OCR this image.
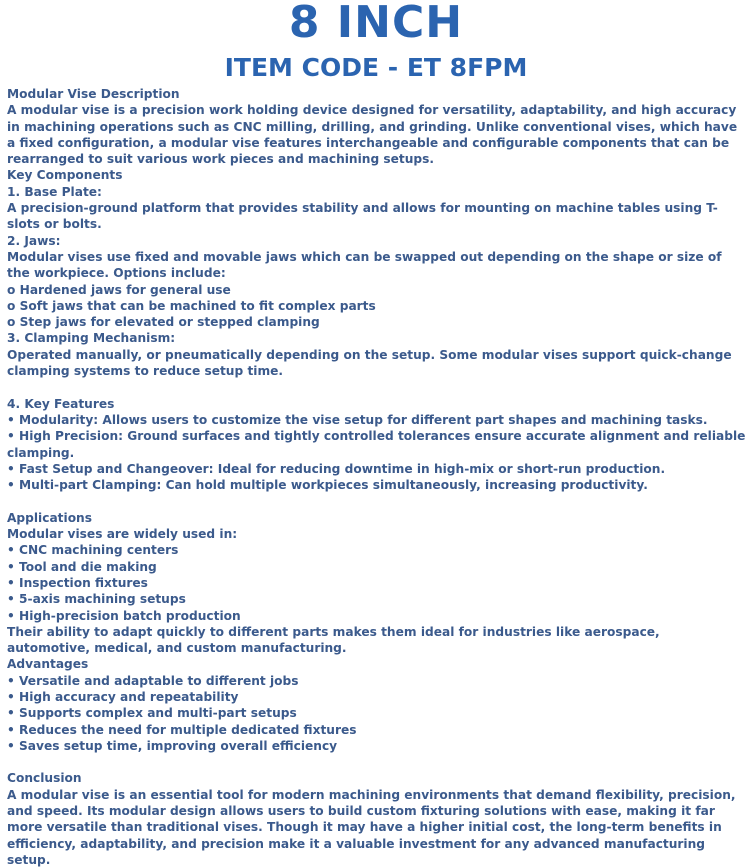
8 INCH
ITEM CODE - ET 8FPM

Modular Vise Description

A modular vise is a precision work holding device designed for versatility, adaptability, and high accuracy in machining operations such as CNC milling, drilling, and grinding. Unlike conventional vises, which have a fixed configuration, a modular vise features interchangeable and configurable components that can be rearranged to suit various work pieces and machining setups.

Key Components

1. Base Plate:

A precision-ground platform that provides stability and allows for mounting on machine tables using T-slots or bolts.

2. Jaws:

Modular vises use fixed and movable jaws which can be swapped out depending on the shape or size of the workpiece. Options include:

o Hardened jaws for general use

o Soft jaws that can be machined to fit complex parts

o Step jaws for elevated or stepped clamping

3. Clamping Mechanism:

Operated manually, or pneumatically depending on the setup. Some modular vises support quick-change clamping systems to reduce setup time.

4. Key Features

• Modularity: Allows users to customize the vise setup for different part shapes and machining tasks.

• High Precision: Ground surfaces and tightly controlled tolerances ensure accurate alignment and reliable clamping.

• Fast Setup and Changeover: Ideal for reducing downtime in high-mix or short-run production.

• Multi-part Clamping: Can hold multiple workpieces simultaneously, increasing productivity.

Applications

Modular vises are widely used in:

• CNC machining centers

• Tool and die making

• Inspection fixtures

• 5-axis machining setups

• High-precision batch production

Their ability to adapt quickly to different parts makes them ideal for industries like aerospace, automotive, medical, and custom manufacturing.

Advantages

• Versatile and adaptable to different jobs

• High accuracy and repeatability

• Supports complex and multi-part setups

• Reduces the need for multiple dedicated fixtures

• Saves setup time, improving overall efficiency

Conclusion

A modular vise is an essential tool for modern machining environments that demand flexibility, precision, and speed. Its modular design allows users to build custom fixturing solutions with ease, making it far more versatile than traditional vises. Though it may have a higher initial cost, the long-term benefits in efficiency, adaptability, and precision make it a valuable investment for any advanced manufacturing setup.
